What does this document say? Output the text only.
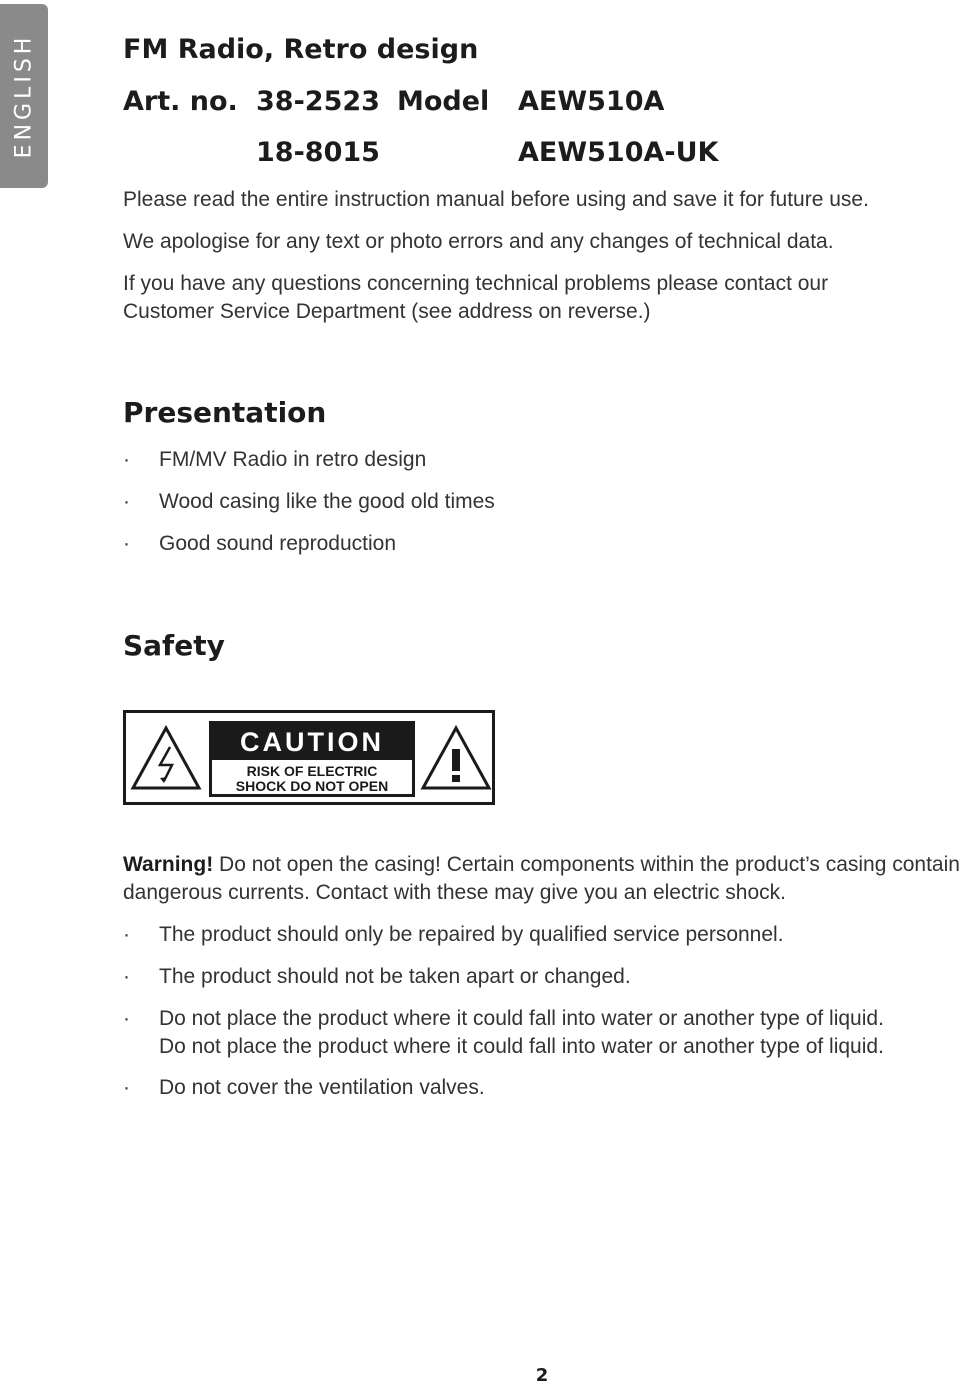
ENGLISH	FM Radio, Retro design
Art. no. 38-2523 Model AEW510A
18-8015	AEW510A-UK

Please read the entire instruction manual before using and save it for future use.

We apologise for any text or photo errors and any changes of technical data.

If you have any questions concerning technical problems please contact our

Customer Service Department (see address on reverse.)

Presentation
· FM/MV Radio in retro design
· Wood casing like the good old times
· Good sound reproduction
Safety
CAUTION
RISK OF ELECTRIC
SHOCK DO NOT OPEN

Warning! Do not open the casing! Certain components within the product’s casing contain dangerous currents. Contact with these may give you an electric shock.

· The product should only be repaired by qualified service personnel.
· The product should not be taken apart or changed.
· Do not place the product where it could fall into water or another type of liquid.
Do not place the product where it could fall into water or another type of liquid.
· Do not cover the ventilation valves.
2
